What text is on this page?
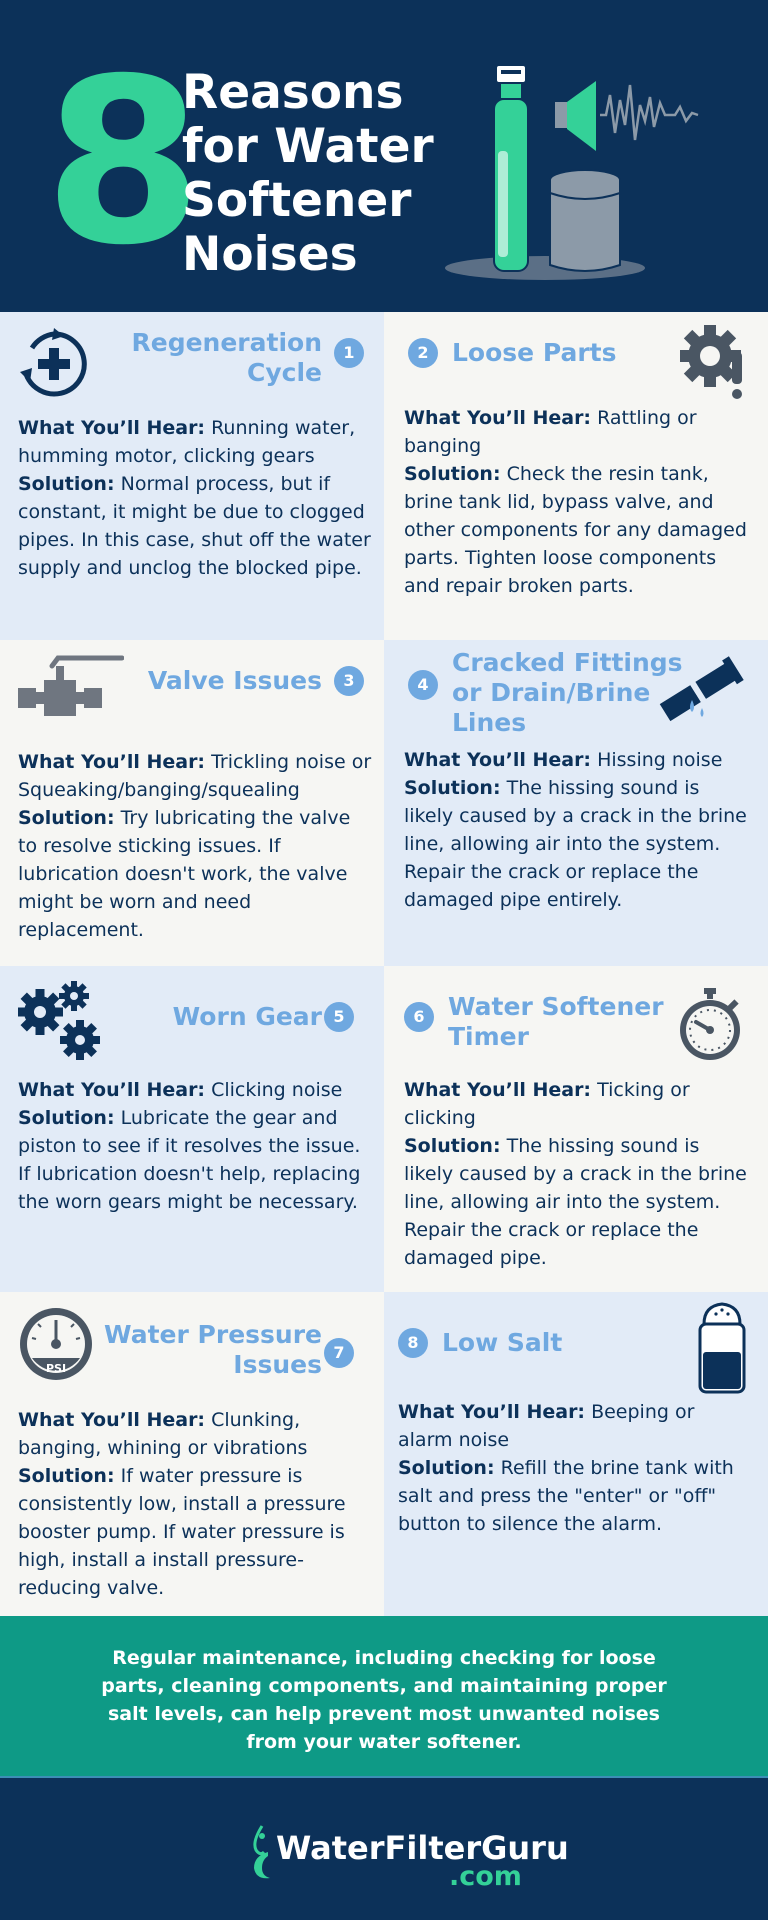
8
Reasons
for Water
Softener
Noises
Regeneration
Cycle
1

What You’ll Hear: Running water, humming motor, clicking gears

Solution: Normal process, but if constant, it might be due to clogged pipes. In this case, shut off the water supply and unclog the blocked pipe.

2 Loose Parts

What You’ll Hear: Rattling or banging

Solution: Check the resin tank, brine tank lid, bypass valve, and other components for any damaged parts. Tighten loose components and repair broken parts.

Valve Issues	3

What You’ll Hear: Trickling noise or Squeaking/banging/squealing

Solution: Try lubricating the valve to resolve sticking issues. If lubrication doesn't work, the valve might be worn and need replacement.

4
Cracked Fittings
or Drain/Brine
Lines

What You’ll Hear: Hissing noise

Solution: The hissing sound is likely caused by a crack in the brine line, allowing air into the system. Repair the crack or replace the damaged pipe entirely.

Worn Gear 5

What You’ll Hear: Clicking noise

Solution: Lubricate the gear and piston to see if it resolves the issue. If lubrication doesn't help, replacing the worn gears might be necessary.

6 Water Softener
Timer

What You’ll Hear: Ticking or clicking

Solution: The hissing sound is likely caused by a crack in the brine line, allowing air into the system. Repair the crack or replace the damaged pipe.

PSI
Water Pressure
Issues 7

What You’ll Hear: Clunking, banging, whining or vibrations

Solution: If water pressure is consistently low, install a pressure booster pump. If water pressure is high, install a install pressure-reducing valve.

8 Low Salt

What You’ll Hear: Beeping or alarm noise

Solution: Refill the brine tank with salt and press the "enter" or "off" button to silence the alarm.

Regular maintenance, including checking for loose parts, cleaning components, and maintaining proper salt levels, can help prevent most unwanted noises from your water softener.
WaterFilterGuru
.com
